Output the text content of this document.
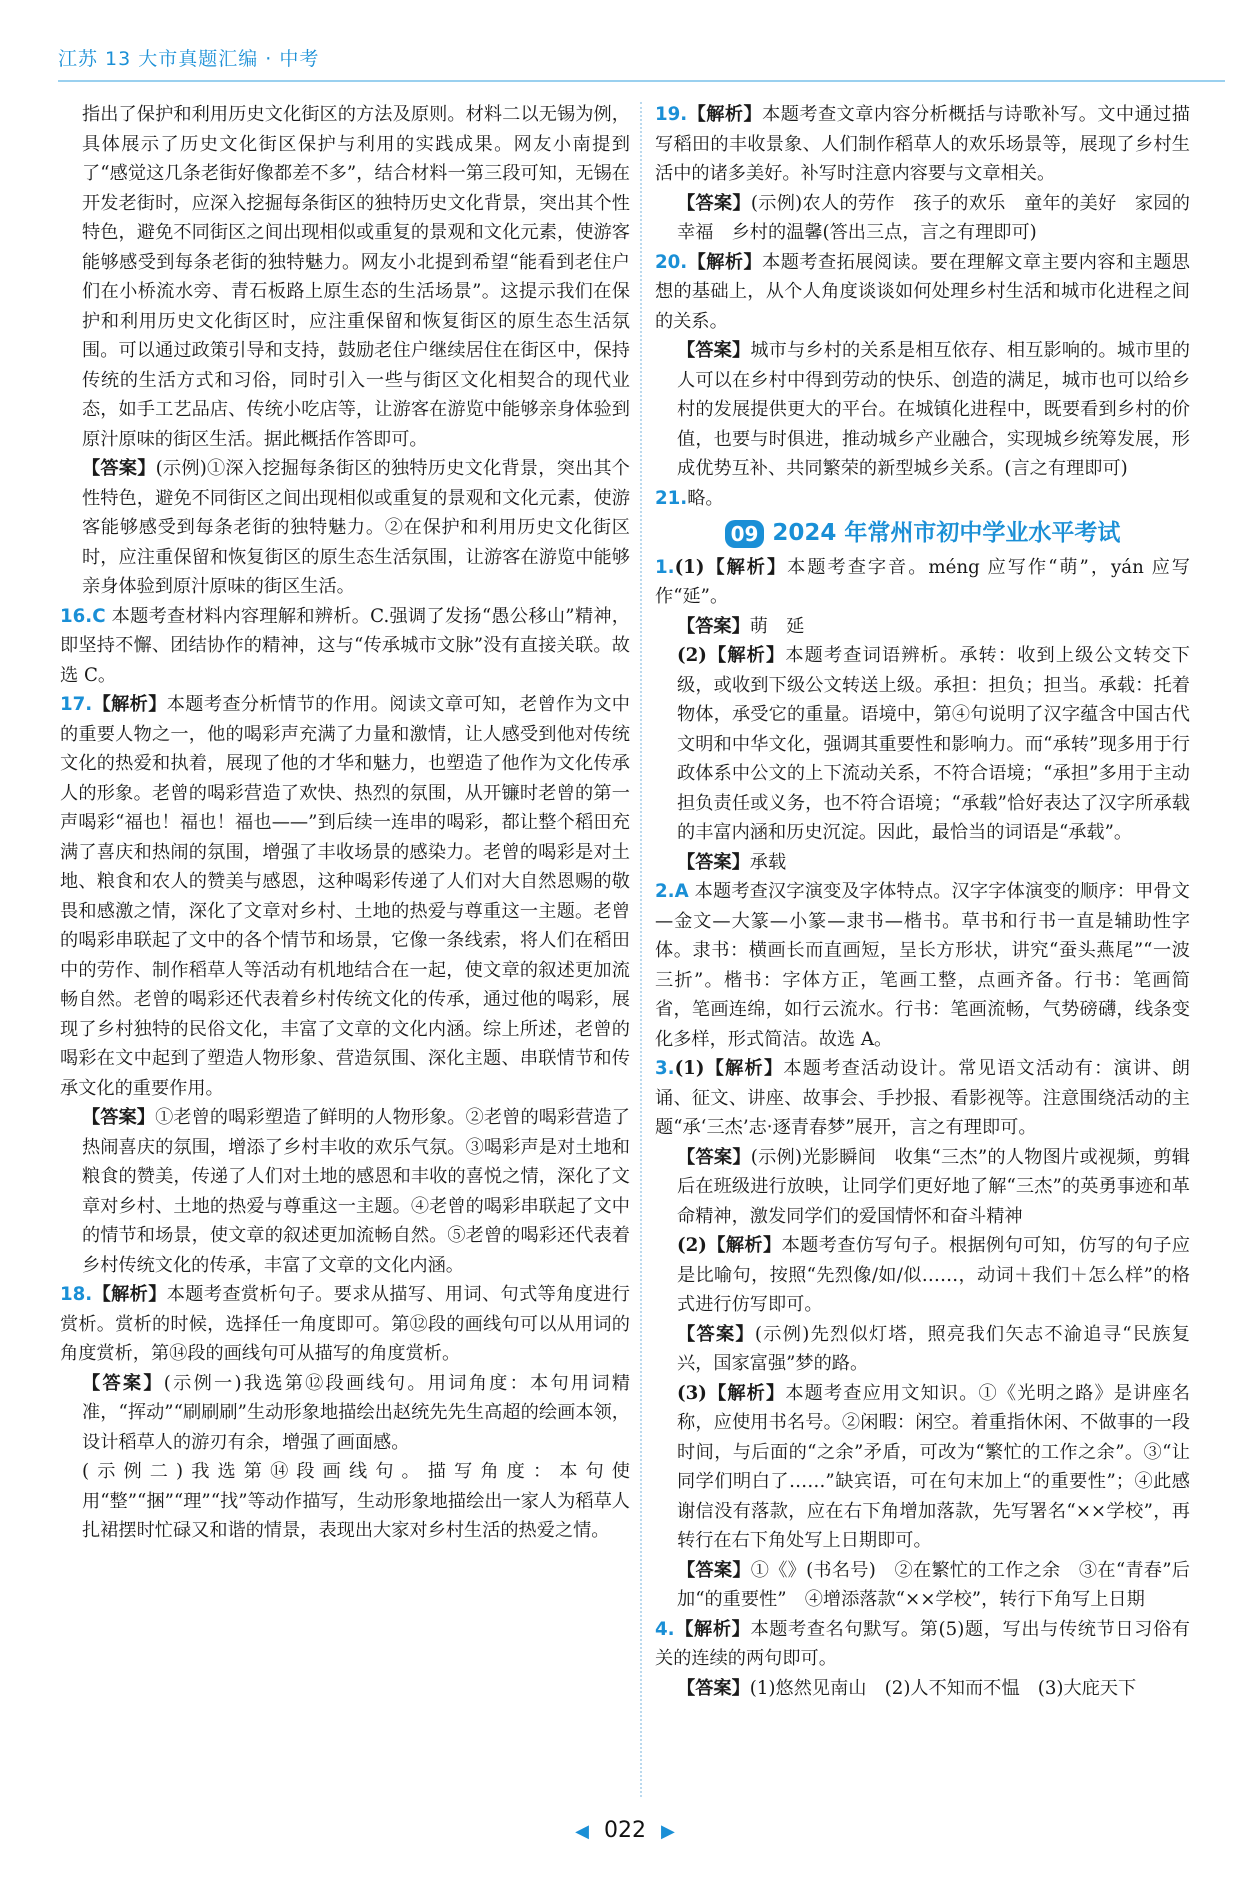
江苏 13 大市真题汇编 · 中考

指出了保护和利用历史文化街区的方法及原则。材料二以无锡为例，具体展示了历史文化街区保护与利用的实践成果。网友小南提到了“感觉这几条老街好像都差不多”，结合材料一第三段可知，无锡在开发老街时，应深入挖掘每条街区的独特历史文化背景，突出其个性特色，避免不同街区之间出现相似或重复的景观和文化元素，使游客能够感受到每条老街的独特魅力。网友小北提到希望“能看到老住户们在小桥流水旁、青石板路上原生态的生活场景”。这提示我们在保护和利用历史文化街区时，应注重保留和恢复街区的原生态生活氛围。可以通过政策引导和支持，鼓励老住户继续居住在街区中，保持传统的生活方式和习俗，同时引入一些与街区文化相契合的现代业态，如手工艺品店、传统小吃店等，让游客在游览中能够亲身体验到原汁原味的街区生活。据此概括作答即可。

【答案】(示例)①深入挖掘每条街区的独特历史文化背景，突出其个性特色，避免不同街区之间出现相似或重复的景观和文化元素，使游客能够感受到每条老街的独特魅力。②在保护和利用历史文化街区时，应注重保留和恢复街区的原生态生活氛围，让游客在游览中能够亲身体验到原汁原味的街区生活。

16.C 本题考查材料内容理解和辨析。C.强调了发扬“愚公移山”精神，即坚持不懈、团结协作的精神，这与“传承城市文脉”没有直接关联。故选 C。

17.【解析】本题考查分析情节的作用。阅读文章可知，老曾作为文中的重要人物之一，他的喝彩声充满了力量和激情，让人感受到他对传统文化的热爱和执着，展现了他的才华和魅力，也塑造了他作为文化传承人的形象。老曾的喝彩营造了欢快、热烈的氛围，从开镰时老曾的第一声喝彩“福也！福也！福也——”到后续一连串的喝彩，都让整个稻田充满了喜庆和热闹的氛围，增强了丰收场景的感染力。老曾的喝彩是对土地、粮食和农人的赞美与感恩，这种喝彩传递了人们对大自然恩赐的敬畏和感激之情，深化了文章对乡村、土地的热爱与尊重这一主题。老曾的喝彩串联起了文中的各个情节和场景，它像一条线索，将人们在稻田中的劳作、制作稻草人等活动有机地结合在一起，使文章的叙述更加流畅自然。老曾的喝彩还代表着乡村传统文化的传承，通过他的喝彩，展现了乡村独特的民俗文化，丰富了文章的文化内涵。综上所述，老曾的喝彩在文中起到了塑造人物形象、营造氛围、深化主题、串联情节和传承文化的重要作用。

【答案】①老曾的喝彩塑造了鲜明的人物形象。②老曾的喝彩营造了热闹喜庆的氛围，增添了乡村丰收的欢乐气氛。③喝彩声是对土地和粮食的赞美，传递了人们对土地的感恩和丰收的喜悦之情，深化了文章对乡村、土地的热爱与尊重这一主题。④老曾的喝彩串联起了文中的情节和场景，使文章的叙述更加流畅自然。⑤老曾的喝彩还代表着乡村传统文化的传承，丰富了文章的文化内涵。

18.【解析】本题考查赏析句子。要求从描写、用词、句式等角度进行赏析。赏析的时候，选择任一角度即可。第⑫段的画线句可以从用词的角度赏析，第⑭段的画线句可从描写的角度赏析。

【答案】(示例一)我选第⑫段画线句。用词角度：本句用词精准，“挥动”“刷刷刷”生动形象地描绘出赵统先先生高超的绘画本领，设计稻草人的游刃有余，增强了画面感。

(示例二)我选第⑭段画线句。描写角度：本句使用“整”“捆”“理”“找”等动作描写，生动形象地描绘出一家人为稻草人扎裙摆时忙碌又和谐的情景，表现出大家对乡村生活的热爱之情。

19.【解析】本题考查文章内容分析概括与诗歌补写。文中通过描写稻田的丰收景象、人们制作稻草人的欢乐场景等，展现了乡村生活中的诸多美好。补写时注意内容要与文章相关。

【答案】(示例)农人的劳作　孩子的欢乐　童年的美好　家园的幸福　乡村的温馨(答出三点，言之有理即可)

20.【解析】本题考查拓展阅读。要在理解文章主要内容和主题思想的基础上，从个人角度谈谈如何处理乡村生活和城市化进程之间的关系。

【答案】城市与乡村的关系是相互依存、相互影响的。城市里的人可以在乡村中得到劳动的快乐、创造的满足，城市也可以给乡村的发展提供更大的平台。在城镇化进程中，既要看到乡村的价值，也要与时俱进，推动城乡产业融合，实现城乡统筹发展，形成优势互补、共同繁荣的新型城乡关系。(言之有理即可)

21.略。

09 2024 年常州市初中学业水平考试

1.(1)【解析】本题考查字音。méng 应写作“萌”，yán 应写作“延”。

【答案】萌　延

(2)【解析】本题考查词语辨析。承转：收到上级公文转交下级，或收到下级公文转送上级。承担：担负；担当。承载：托着物体，承受它的重量。语境中，第④句说明了汉字蕴含中国古代文明和中华文化，强调其重要性和影响力。而“承转”现多用于行政体系中公文的上下流动关系，不符合语境；“承担”多用于主动担负责任或义务，也不符合语境；“承载”恰好表达了汉字所承载的丰富内涵和历史沉淀。因此，最恰当的词语是“承载”。

【答案】承载

2.A 本题考查汉字演变及字体特点。汉字字体演变的顺序：甲骨文—金文—大篆—小篆—隶书—楷书。草书和行书一直是辅助性字体。隶书：横画长而直画短，呈长方形状，讲究“蚕头燕尾”“一波三折”。楷书：字体方正，笔画工整，点画齐备。行书：笔画简省，笔画连绵，如行云流水。行书：笔画流畅，气势磅礴，线条变化多样，形式简洁。故选 A。

3.(1)【解析】本题考查活动设计。常见语文活动有：演讲、朗诵、征文、讲座、故事会、手抄报、看影视等。注意围绕活动的主题“承‘三杰’志·逐青春梦”展开，言之有理即可。

【答案】(示例)光影瞬间　收集“三杰”的人物图片或视频，剪辑后在班级进行放映，让同学们更好地了解“三杰”的英勇事迹和革命精神，激发同学们的爱国情怀和奋斗精神

(2)【解析】本题考查仿写句子。根据例句可知，仿写的句子应是比喻句，按照“先烈像/如/似……，动词＋我们＋怎么样”的格式进行仿写即可。

【答案】(示例)先烈似灯塔，照亮我们矢志不渝追寻“民族复兴，国家富强”梦的路。

(3)【解析】本题考查应用文知识。①《光明之路》是讲座名称，应使用书名号。②闲暇：闲空。着重指休闲、不做事的一段时间，与后面的“之余”矛盾，可改为“繁忙的工作之余”。③“让同学们明白了……”缺宾语，可在句末加上“的重要性”；④此感谢信没有落款，应在右下角增加落款，先写署名“××学校”，再转行在右下角处写上日期即可。

【答案】①《》(书名号)　②在繁忙的工作之余　③在“青春”后加“的重要性”　④增添落款“××学校”，转行下角写上日期

4.【解析】本题考查名句默写。第(5)题，写出与传统节日习俗有关的连续的两句即可。

【答案】(1)悠然见南山　(2)人不知而不愠　(3)大庇天下

◀ 022 ▶
